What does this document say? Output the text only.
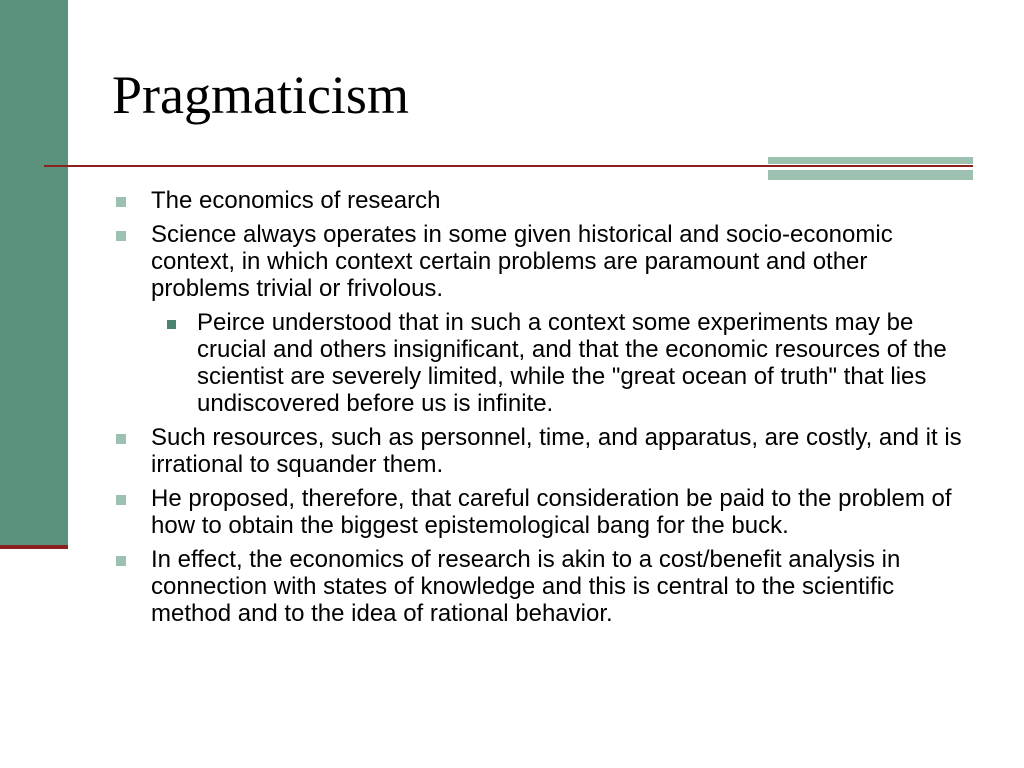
Pragmaticism
The economics of research
Science always operates in some given historical and socio-economic context, in which context certain problems are paramount and other problems trivial or frivolous.
Peirce understood that in such a context some experiments may be crucial and others insignificant, and that the economic resources of the scientist are severely limited, while the "great ocean of truth" that lies undiscovered before us is infinite.
Such resources, such as personnel, time, and apparatus, are costly, and it is irrational to squander them.
He proposed, therefore, that careful consideration be paid to the problem of how to obtain the biggest epistemological bang for the buck.
In effect, the economics of research is akin to a cost/benefit analysis in connection with states of knowledge and this is central to the scientific method and to the idea of rational behavior.
